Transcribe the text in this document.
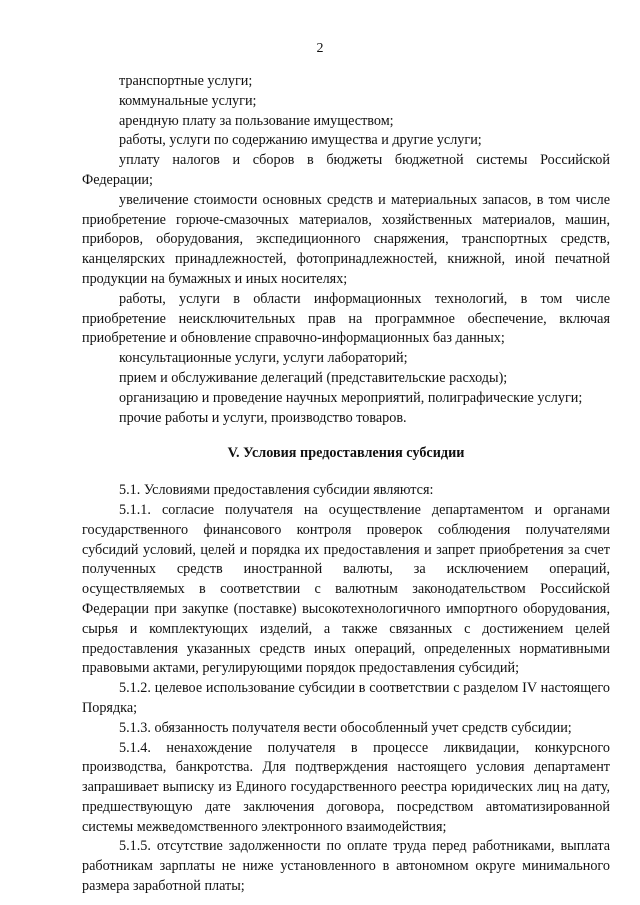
2

транспортные услуги;

коммунальные услуги;

арендную плату за пользование имуществом;

работы, услуги по содержанию имущества и другие услуги;

уплату налогов и сборов в бюджеты бюджетной системы Российской Федерации;

увеличение стоимости основных средств и материальных запасов, в том числе приобретение горюче-смазочных материалов, хозяйственных материалов, машин, приборов, оборудования, экспедиционного снаряжения, транспортных средств, канцелярских принадлежностей, фотопринадлежностей, книжной, иной печатной продукции на бумажных и иных носителях;

работы, услуги в области информационных технологий, в том числе приобретение неисключительных прав на программное обеспечение, включая приобретение и обновление справочно-информационных баз данных;

консультационные услуги, услуги лабораторий;

прием и обслуживание делегаций (представительские расходы);

организацию и проведение научных мероприятий, полиграфические услуги;

прочие работы и услуги, производство товаров.

V. Условия предоставления субсидии

5.1. Условиями предоставления субсидии являются:

5.1.1. согласие получателя на осуществление департаментом и органами государственного финансового контроля проверок соблюдения получателями субсидий условий, целей и порядка их предоставления и запрет приобретения за счет полученных средств иностранной валюты, за исключением операций, осуществляемых в соответствии с валютным законодательством Российской Федерации при закупке (поставке) высокотехнологичного импортного оборудования, сырья и комплектующих изделий, а также связанных с достижением целей предоставления указанных средств иных операций, определенных нормативными правовыми актами, регулирующими порядок предоставления субсидий;

5.1.2. целевое использование субсидии в соответствии с разделом IV настоящего Порядка;

5.1.3. обязанность получателя вести обособленный учет средств субсидии;

5.1.4. ненахождение получателя в процессе ликвидации, конкурсного производства, банкротства. Для подтверждения настоящего условия департамент запрашивает выписку из Единого государственного реестра юридических лиц на дату, предшествующую дате заключения договора, посредством автоматизированной системы межведомственного электронного взаимодействия;

5.1.5. отсутствие задолженности по оплате труда перед работниками, выплата работникам зарплаты не ниже установленного в автономном округе минимального размера заработной платы;
